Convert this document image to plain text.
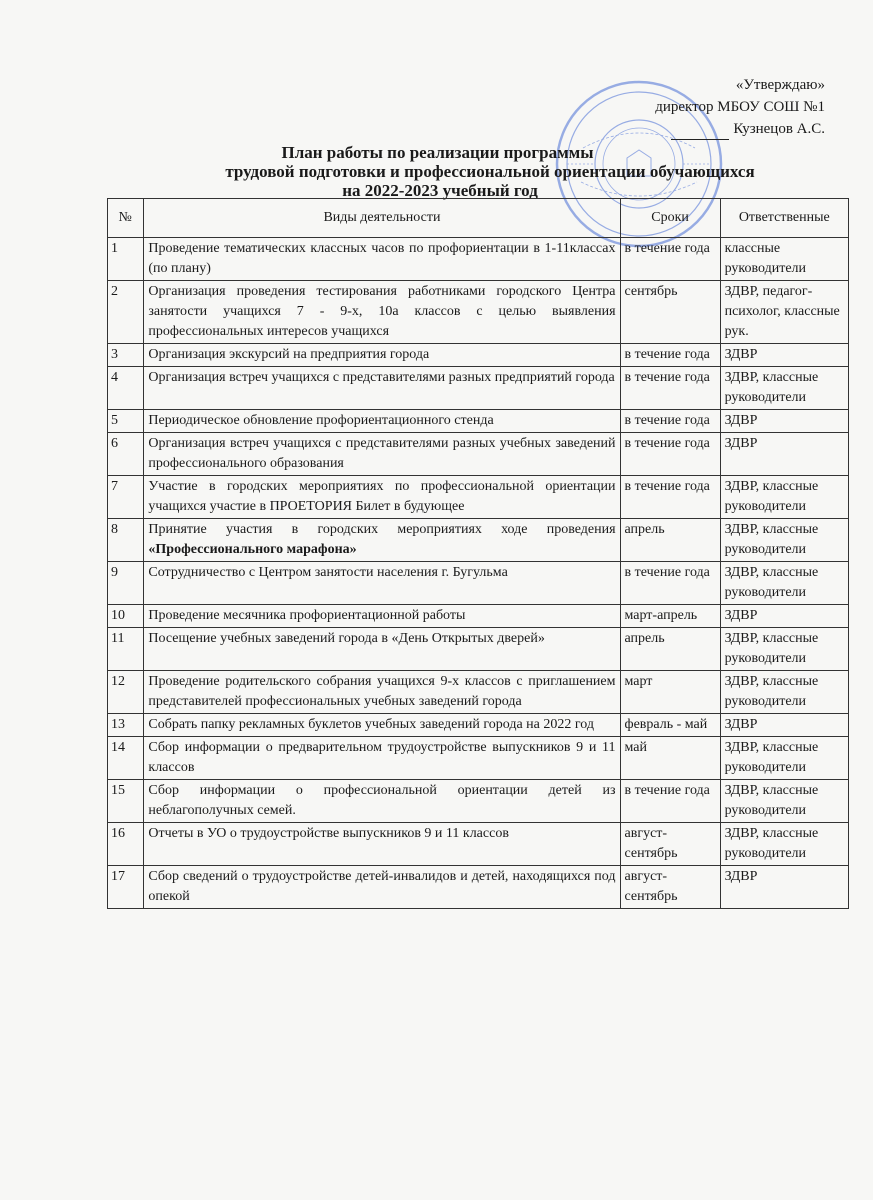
«Утверждаю»
директор МБОУ СОШ №1
Кузнецов А.С.
План работы по реализации программы
трудовой подготовки и профессиональной ориентации обучающихся
на 2022-2023 учебный год
№	Виды деятельности	Сроки	Ответственные
1	Проведение тематических классных часов по профориентации в 1-11классах (по плану)	в течение года	классные руководители
2	Организация проведения тестирования работниками городского Центра занятости учащихся 7 - 9-х, 10а классов с целью выявления профессиональных интересов учащихся	сентябрь	ЗДВР, педагог-психолог, классные рук.
3	Организация экскурсий на предприятия города	в течение года	ЗДВР
4	Организация встреч учащихся с представителями разных предприятий города	в течение года	ЗДВР, классные руководители
5	Периодическое обновление профориентационного стенда	в течение года	ЗДВР
6	Организация встреч учащихся с представителями разных учебных заведений профессионального образования	в течение года	ЗДВР
7	Участие в городских мероприятиях по профессиональной ориентации учащихся участие в ПРОЕТОРИЯ Билет в будующее	в течение года	ЗДВР, классные руководители
8	Принятие участия в городских мероприятиях ходе проведения «Профессионального марафона»	апрель	ЗДВР, классные руководители
9	Сотрудничество с Центром занятости населения г. Бугульма	в течение года	ЗДВР, классные руководители
10	Проведение месячника профориентационной работы	март-апрель	ЗДВР
11	Посещение учебных заведений города в «День Открытых дверей»	апрель	ЗДВР, классные руководители
12	Проведение родительского собрания учащихся 9-х классов с приглашением представителей профессиональных учебных заведений города	март	ЗДВР, классные руководители
13	Собрать папку рекламных буклетов учебных заведений города на 2022 год	февраль - май	ЗДВР
14	Сбор информации о предварительном трудоустройстве выпускников 9 и 11 классов	май	ЗДВР, классные руководители
15	Сбор информации о профессиональной ориентации детей из неблагополучных семей.	в течение года	ЗДВР, классные руководители
16	Отчеты в УО о трудоустройстве выпускников 9 и 11 классов	август-сентябрь	ЗДВР, классные руководители
17	Сбор сведений о трудоустройстве детей-инвалидов и детей, находящихся под опекой	август-сентябрь	ЗДВР
